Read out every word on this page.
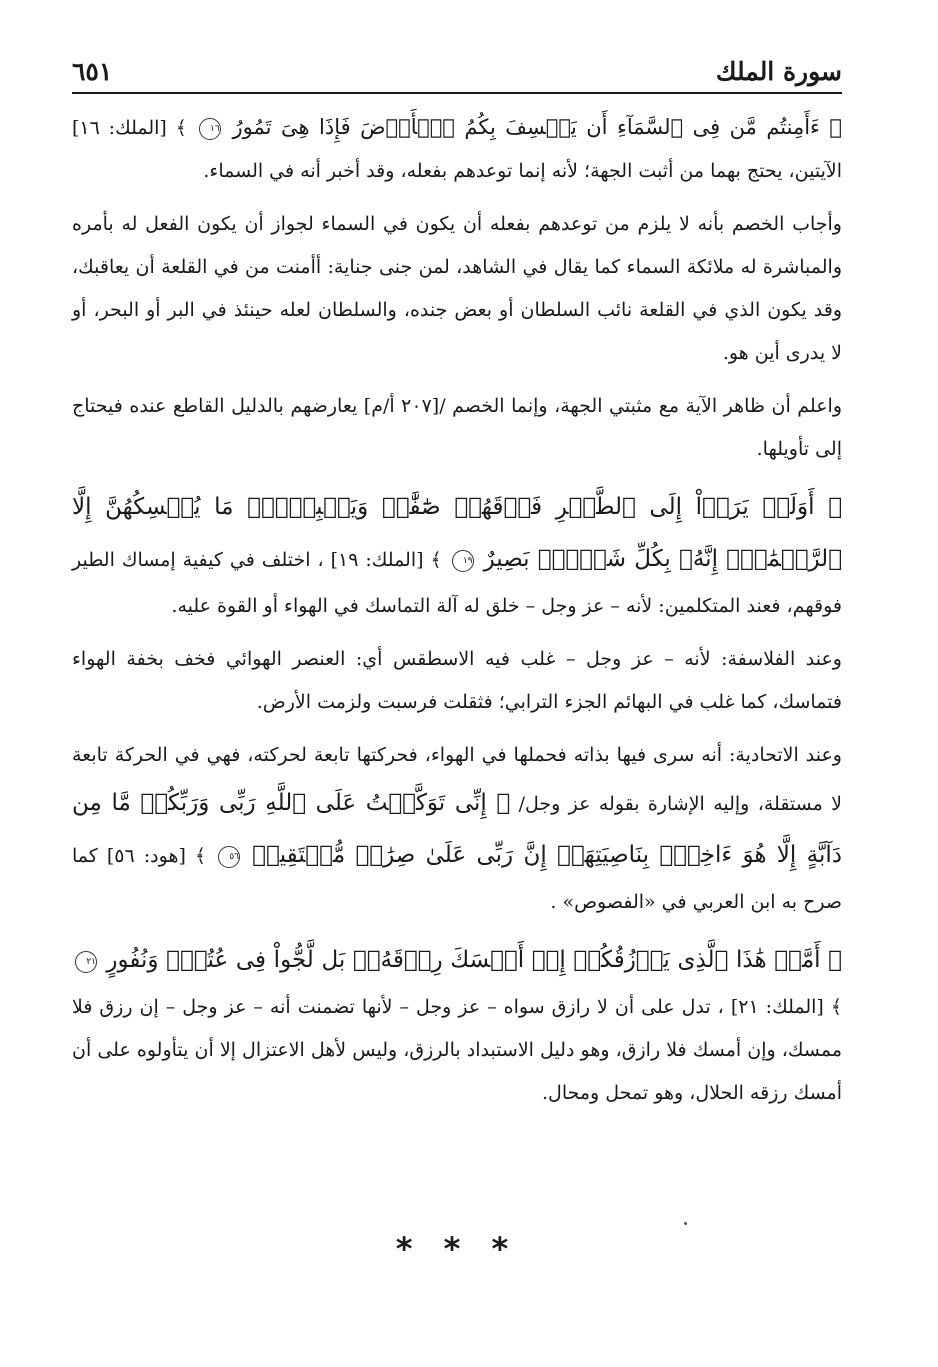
سورة الملك
٦٥١

﴿ ءَأَمِنتُم مَّن فِى ٱلسَّمَآءِ أَن يَخۡسِفَ بِكُمُ ٱلۡأَرۡضَ فَإِذَا هِىَ تَمُورُ ١٦ ﴾ [الملك: ١٦] الآيتين، يحتج بهما من أثبت الجهة؛ لأنه إنما توعدهم بفعله، وقد أخبر أنه في السماء.

وأجاب الخصم بأنه لا يلزم من توعدهم بفعله أن يكون في السماء لجواز أن يكون الفعل له بأمره والمباشرة له ملائكة السماء كما يقال في الشاهد، لمن جنى جناية: أأمنت من في القلعة أن يعاقبك، وقد يكون الذي في القلعة نائب السلطان أو بعض جنده، والسلطان لعله حينئذ في البر أو البحر، أو لا يدرى أين هو.

واعلم أن ظاهر الآية مع مثبتي الجهة، وإنما الخصم /[٢٠٧ أ/م] يعارضهم بالدليل القاطع عنده فيحتاج إلى تأويلها.

﴿ أَوَلَمۡ يَرَوۡاْ إِلَى ٱلطَّيۡرِ فَوۡقَهُمۡ صَٰٓفَّٰتٖ وَيَقۡبِضۡنَۚ مَا يُمۡسِكُهُنَّ إِلَّا ٱلرَّحۡمَٰنُۚ إِنَّهُۥ بِكُلِّ شَيۡءِۭ بَصِيرٌ ١٩ ﴾ [الملك: ١٩] ، اختلف في كيفية إمساك الطير فوقهم، فعند المتكلمين: لأنه – عز وجل – خلق له آلة التماسك في الهواء أو القوة عليه.

وعند الفلاسفة: لأنه – عز وجل – غلب فيه الاسطقس أي: العنصر الهوائي فخف بخفة الهواء فتماسك، كما غلب في البهائم الجزء الترابي؛ فثقلت فرسبت ولزمت الأرض.

وعند الاتحادية: أنه سرى فيها بذاته فحملها في الهواء، فحركتها تابعة لحركته، فهي في الحركة تابعة لا مستقلة، وإليه الإشارة بقوله عز وجل/ ﴿ إِنِّى تَوَكَّلۡتُ عَلَى ٱللَّهِ رَبِّى وَرَبِّكُمۚ مَّا مِن دَآبَّةٍ إِلَّا هُوَ ءَاخِذُۢ بِنَاصِيَتِهَآۚ إِنَّ رَبِّى عَلَىٰ صِرَٰطٖ مُّسۡتَقِيمٖ ٥٦ ﴾ [هود: ٥٦] كما صرح به ابن العربي في «الفصوص» .

﴿ أَمَّنۡ هَٰذَا ٱلَّذِى يَرۡزُقُكُمۡ إِنۡ أَمۡسَكَ رِزۡقَهُۥۚ بَل لَّجُّواْ فِى عُتُوّٖ وَنُفُورٍ ٢١ ﴾ [الملك: ٢١] ، تدل على أن لا رازق سواه – عز وجل – لأنها تضمنت أنه – عز وجل – إن رزق فلا ممسك، وإن أمسك فلا رازق، وهو دليل الاستبداد بالرزق، وليس لأهل الاعتزال إلا أن يتأولوه على أن أمسك رزقه الحلال، وهو تمحل ومحال.

* * *
